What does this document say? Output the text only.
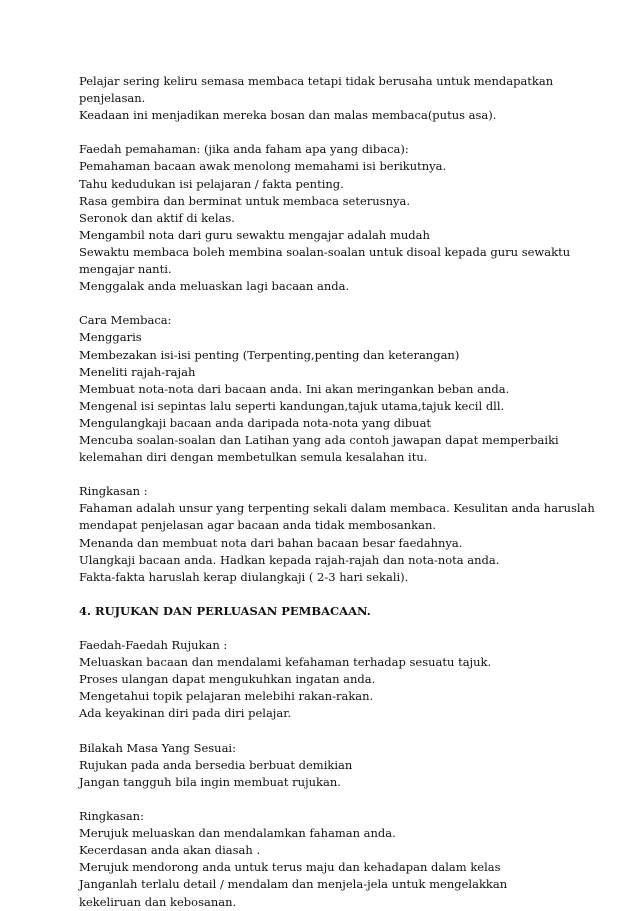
Pelajar sering keliru semasa membaca tetapi tidak berusaha untuk mendapatkan
penjelasan.
Keadaan ini menjadikan mereka bosan dan malas membaca(putus asa).
Faedah pemahaman: (jika anda faham apa yang dibaca):
Pemahaman bacaan awak menolong memahami isi berikutnya.
Tahu kedudukan isi pelajaran / fakta penting.
Rasa gembira dan berminat untuk membaca seterusnya.
Seronok dan aktif di kelas.
Mengambil nota dari guru sewaktu mengajar adalah mudah
Sewaktu membaca boleh membina soalan-soalan untuk disoal kepada guru sewaktu
mengajar nanti.
Menggalak anda meluaskan lagi bacaan anda.
Cara Membaca:
Menggaris
Membezakan isi-isi penting (Terpenting,penting dan keterangan)
Meneliti rajah-rajah
Membuat nota-nota dari bacaan anda. Ini akan meringankan beban anda.
Mengenal isi sepintas lalu seperti kandungan,tajuk utama,tajuk kecil dll.
Mengulangkaji bacaan anda daripada nota-nota yang dibuat
Mencuba soalan-soalan dan Latihan yang ada contoh jawapan dapat memperbaiki
kelemahan diri dengan membetulkan semula kesalahan itu.
Ringkasan :
Fahaman adalah unsur yang terpenting sekali dalam membaca. Kesulitan anda haruslah
mendapat penjelasan agar bacaan anda tidak membosankan.
Menanda dan membuat nota dari bahan bacaan besar faedahnya.
Ulangkaji bacaan anda. Hadkan kepada rajah-rajah dan nota-nota anda.
Fakta-fakta haruslah kerap diulangkaji ( 2-3 hari sekali).
4. RUJUKAN DAN PERLUASAN PEMBACAAN.
Faedah-Faedah Rujukan :
Meluaskan bacaan dan mendalami kefahaman terhadap sesuatu tajuk.
Proses ulangan dapat mengukuhkan ingatan anda.
Mengetahui topik pelajaran melebihi rakan-rakan.
Ada keyakinan diri pada diri pelajar.
Bilakah Masa Yang Sesuai:
Rujukan pada anda bersedia berbuat demikian
Jangan tangguh bila ingin membuat rujukan.
Ringkasan:
Merujuk meluaskan dan mendalamkan fahaman anda.
Kecerdasan anda akan diasah .
Merujuk mendorong anda untuk terus maju dan kehadapan dalam kelas
Janganlah terlalu detail / mendalam dan menjela-jela untuk mengelakkan
kekeliruan dan kebosanan.
